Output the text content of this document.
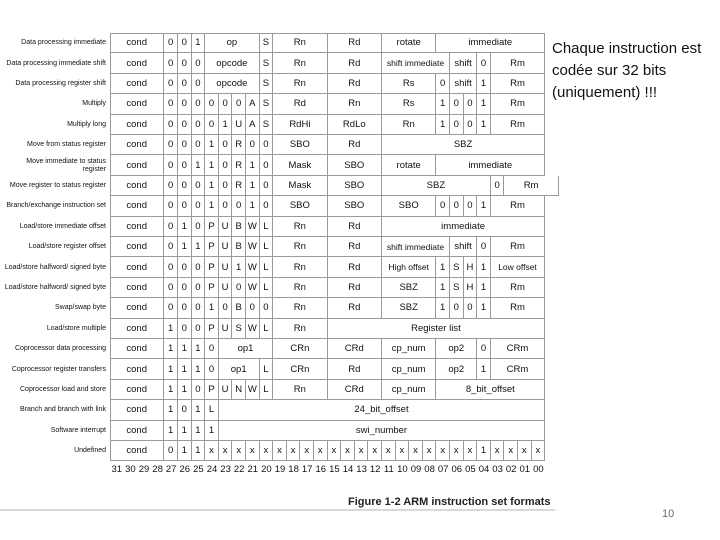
Data processing immediate	cond	0 0 1	op	S	Rn	Rd	rotate	immediate
Data processing immediate shift	cond	0 0 0	opcode	S	Rn	Rd	shift immediate	shift 0	Rm
Data processing register shift	cond	0 0 0	opcode	S	Rn	Rd	Rs	0 shift 1	Rm
Multiply	cond	0 0 0 0 0 0 A S	Rd	Rn	Rs	1 0 0 1	Rm
Multiply long	cond	0 0 0 0 1 U A S	RdHi	RdLo	Rn	1 0 0 1	Rm
Move from status register	cond	0 0 0 1 0 R 0 0	SBO	Rd	SBZ
Move immediate to status register	cond	0 0 1 1 0 R 1 0	Mask	SBO	rotate	immediate
Move register to status register	cond	0 0 0 1 0 R 1 0	Mask	SBO	SBZ	0	Rm
Branch/exchange instruction set	cond	0 0 0 1 0 0 1 0	SBO	SBO	SBO	0 0 0 1	Rm
Load/store immediate offset	cond	0 1 0 P U B W L	Rn	Rd	immediate
Load/store register offset	cond	0 1 1 P U B W L	Rn	Rd	shift immediate	shift 0	Rm
Load/store halfword/ signed byte	cond	0 0 0 P U 1 W L	Rn	Rd	High offset	1 S H 1	Low offset
Load/store halfword/ signed byte	cond	0 0 0 P U 0 W L	Rn	Rd	SBZ	1 S H 1	Rm
Swap/swap byte	cond	0 0 0 1 0 B 0 0	Rn	Rd	SBZ	1 0 0 1	Rm
Load/store multiple	cond	1 0 0 P U S W L	Rn	Register list
Coprocessor data processing	cond	1 1 1 0	op1	CRn	CRd	cp_num	op2	0	CRm
Coprocessor register transfers	cond	1 1 1 0	op1	L	CRn	Rd	cp_num	op2	1	CRm
Coprocessor load and store	cond	1 1 0 P U N W L	Rn	CRd	cp_num	8_bit_offset
Branch and branch with link	cond	1 0 1 L	24_bit_offset
Software interrupt	cond	1 1 1 1	swi_number
Undefined	cond	0 1 1 x x x x x x x x x x x x x x x x x x x x 1 x x x x
31 30 29 28 27 26 25 24 23 22 21 20 19 18 17 16 15 14 13 12 11 10 09 08 07 06 05 04 03 02 01 00
Figure 1-2 ARM instruction set formats
Chaque instruction est codée sur 32 bits (uniquement) !!!
10
